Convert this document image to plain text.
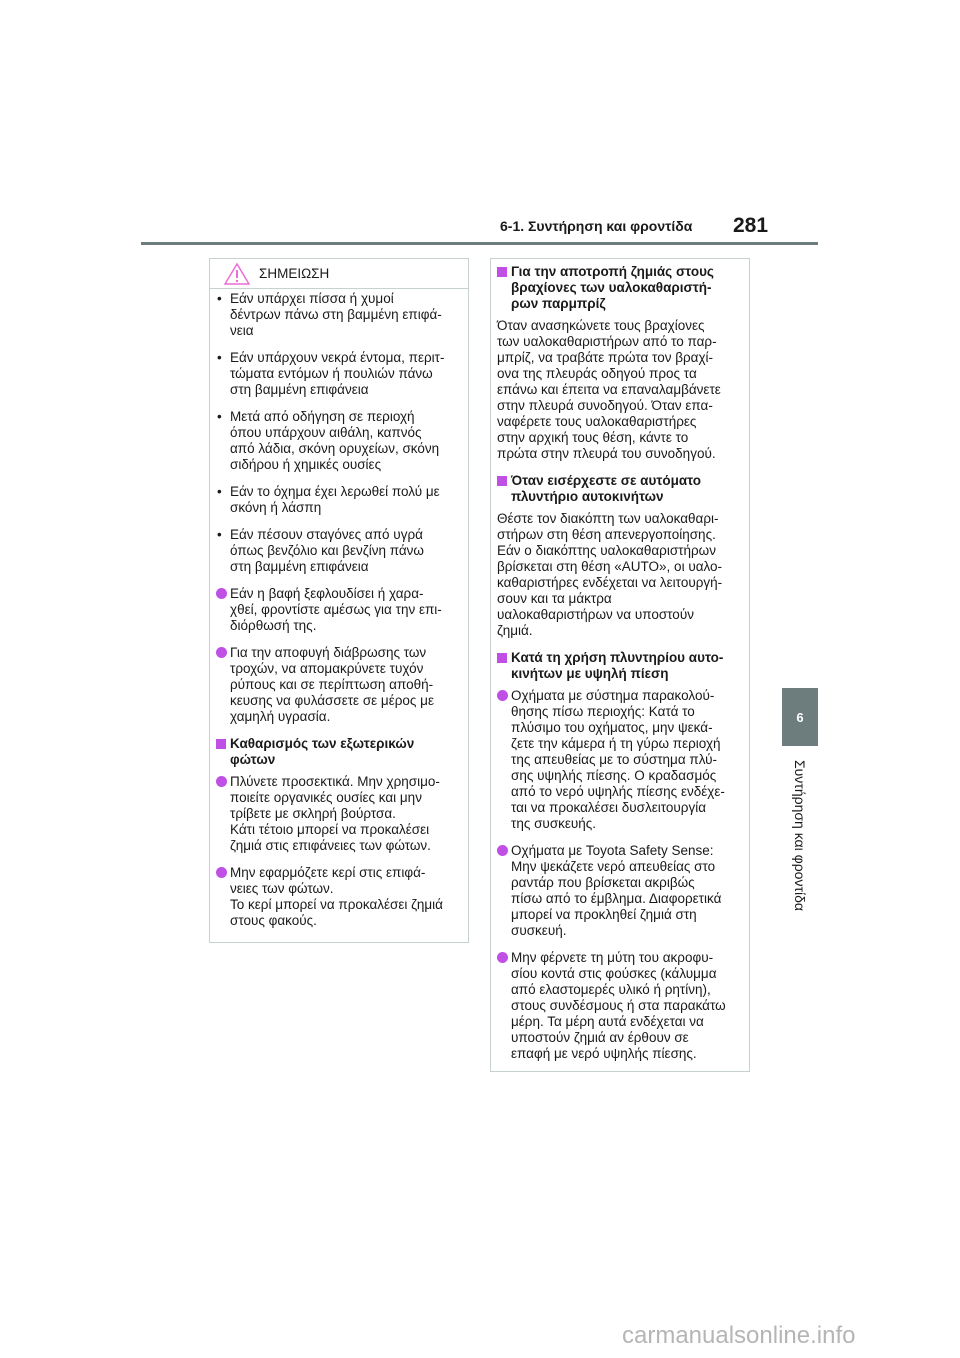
6-1. Συντήρηση και φροντίδα 281
6
Συντήρηση και φροντίδα
ΣΗΜΕΙΩΣΗ
• Εάν υπάρχει πίσσα ή χυμοί
δέντρων πάνω στη βαμμένη επιφά-
νεια
• Εάν υπάρχουν νεκρά έντομα, περιτ-
τώματα εντόμων ή πουλιών πάνω
στη βαμμένη επιφάνεια
• Μετά από οδήγηση σε περιοχή
όπου υπάρχουν αιθάλη, καπνός
από λάδια, σκόνη ορυχείων, σκόνη
σιδήρου ή χημικές ουσίες
• Εάν το όχημα έχει λερωθεί πολύ με
σκόνη ή λάσπη
• Εάν πέσουν σταγόνες από υγρά
όπως βενζόλιο και βενζίνη πάνω
στη βαμμένη επιφάνεια
Εάν η βαφή ξεφλουδίσει ή χαρα-
χθεί, φροντίστε αμέσως για την επι-
διόρθωσή της.
Για την αποφυγή διάβρωσης των
τροχών, να απομακρύνετε τυχόν
ρύπους και σε περίπτωση αποθή-
κευσης να φυλάσσετε σε μέρος με
χαμηλή υγρασία.
Καθαρισμός των εξωτερικών
φώτων
Πλύνετε προσεκτικά. Μην χρησιμο-
ποιείτε οργανικές ουσίες και μην
τρίβετε με σκληρή βούρτσα.
Κάτι τέτοιο μπορεί να προκαλέσει
ζημιά στις επιφάνειες των φώτων.
Μην εφαρμόζετε κερί στις επιφά-
νειες των φώτων.
Το κερί μπορεί να προκαλέσει ζημιά
στους φακούς.
Για την αποτροπή ζημιάς στους
βραχίονες των υαλοκαθαριστή-
ρων παρμπρίζ
Όταν ανασηκώνετε τους βραχίονες
των υαλοκαθαριστήρων από το παρ-
μπρίζ, να τραβάτε πρώτα τον βραχί-
ονα της πλευράς οδηγού προς τα
επάνω και έπειτα να επαναλαμβάνετε
στην πλευρά συνοδηγού. Όταν επα-
ναφέρετε τους υαλοκαθαριστήρες
στην αρχική τους θέση, κάντε το
πρώτα στην πλευρά του συνοδηγού.
Όταν εισέρχεστε σε αυτόματο
πλυντήριο αυτοκινήτων
Θέστε τον διακόπτη των υαλοκαθαρι-
στήρων στη θέση απενεργοποίησης.
Εάν ο διακόπτης υαλοκαθαριστήρων
βρίσκεται στη θέση «AUTO», οι υαλο-
καθαριστήρες ενδέχεται να λειτουργή-
σουν και τα μάκτρα
υαλοκαθαριστήρων να υποστούν
ζημιά.
Κατά τη χρήση πλυντηρίου αυτο-
κινήτων με υψηλή πίεση
Οχήματα με σύστημα παρακολού-
θησης πίσω περιοχής: Κατά το
πλύσιμο του οχήματος, μην ψεκά-
ζετε την κάμερα ή τη γύρω περιοχή
της απευθείας με το σύστημα πλύ-
σης υψηλής πίεσης. Ο κραδασμός
από το νερό υψηλής πίεσης ενδέχε-
ται να προκαλέσει δυσλειτουργία
της συσκευής.
Οχήματα με Toyota Safety Sense:
Μην ψεκάζετε νερό απευθείας στο
ραντάρ που βρίσκεται ακριβώς
πίσω από το έμβλημα. Διαφορετικά
μπορεί να προκληθεί ζημιά στη
συσκευή.
Μην φέρνετε τη μύτη του ακροφυ-
σίου κοντά στις φούσκες (κάλυμμα
από ελαστομερές υλικό ή ρητίνη),
στους συνδέσμους ή στα παρακάτω
μέρη. Τα μέρη αυτά ενδέχεται να
υποστούν ζημιά αν έρθουν σε
επαφή με νερό υψηλής πίεσης.
carmanualsonline.info
